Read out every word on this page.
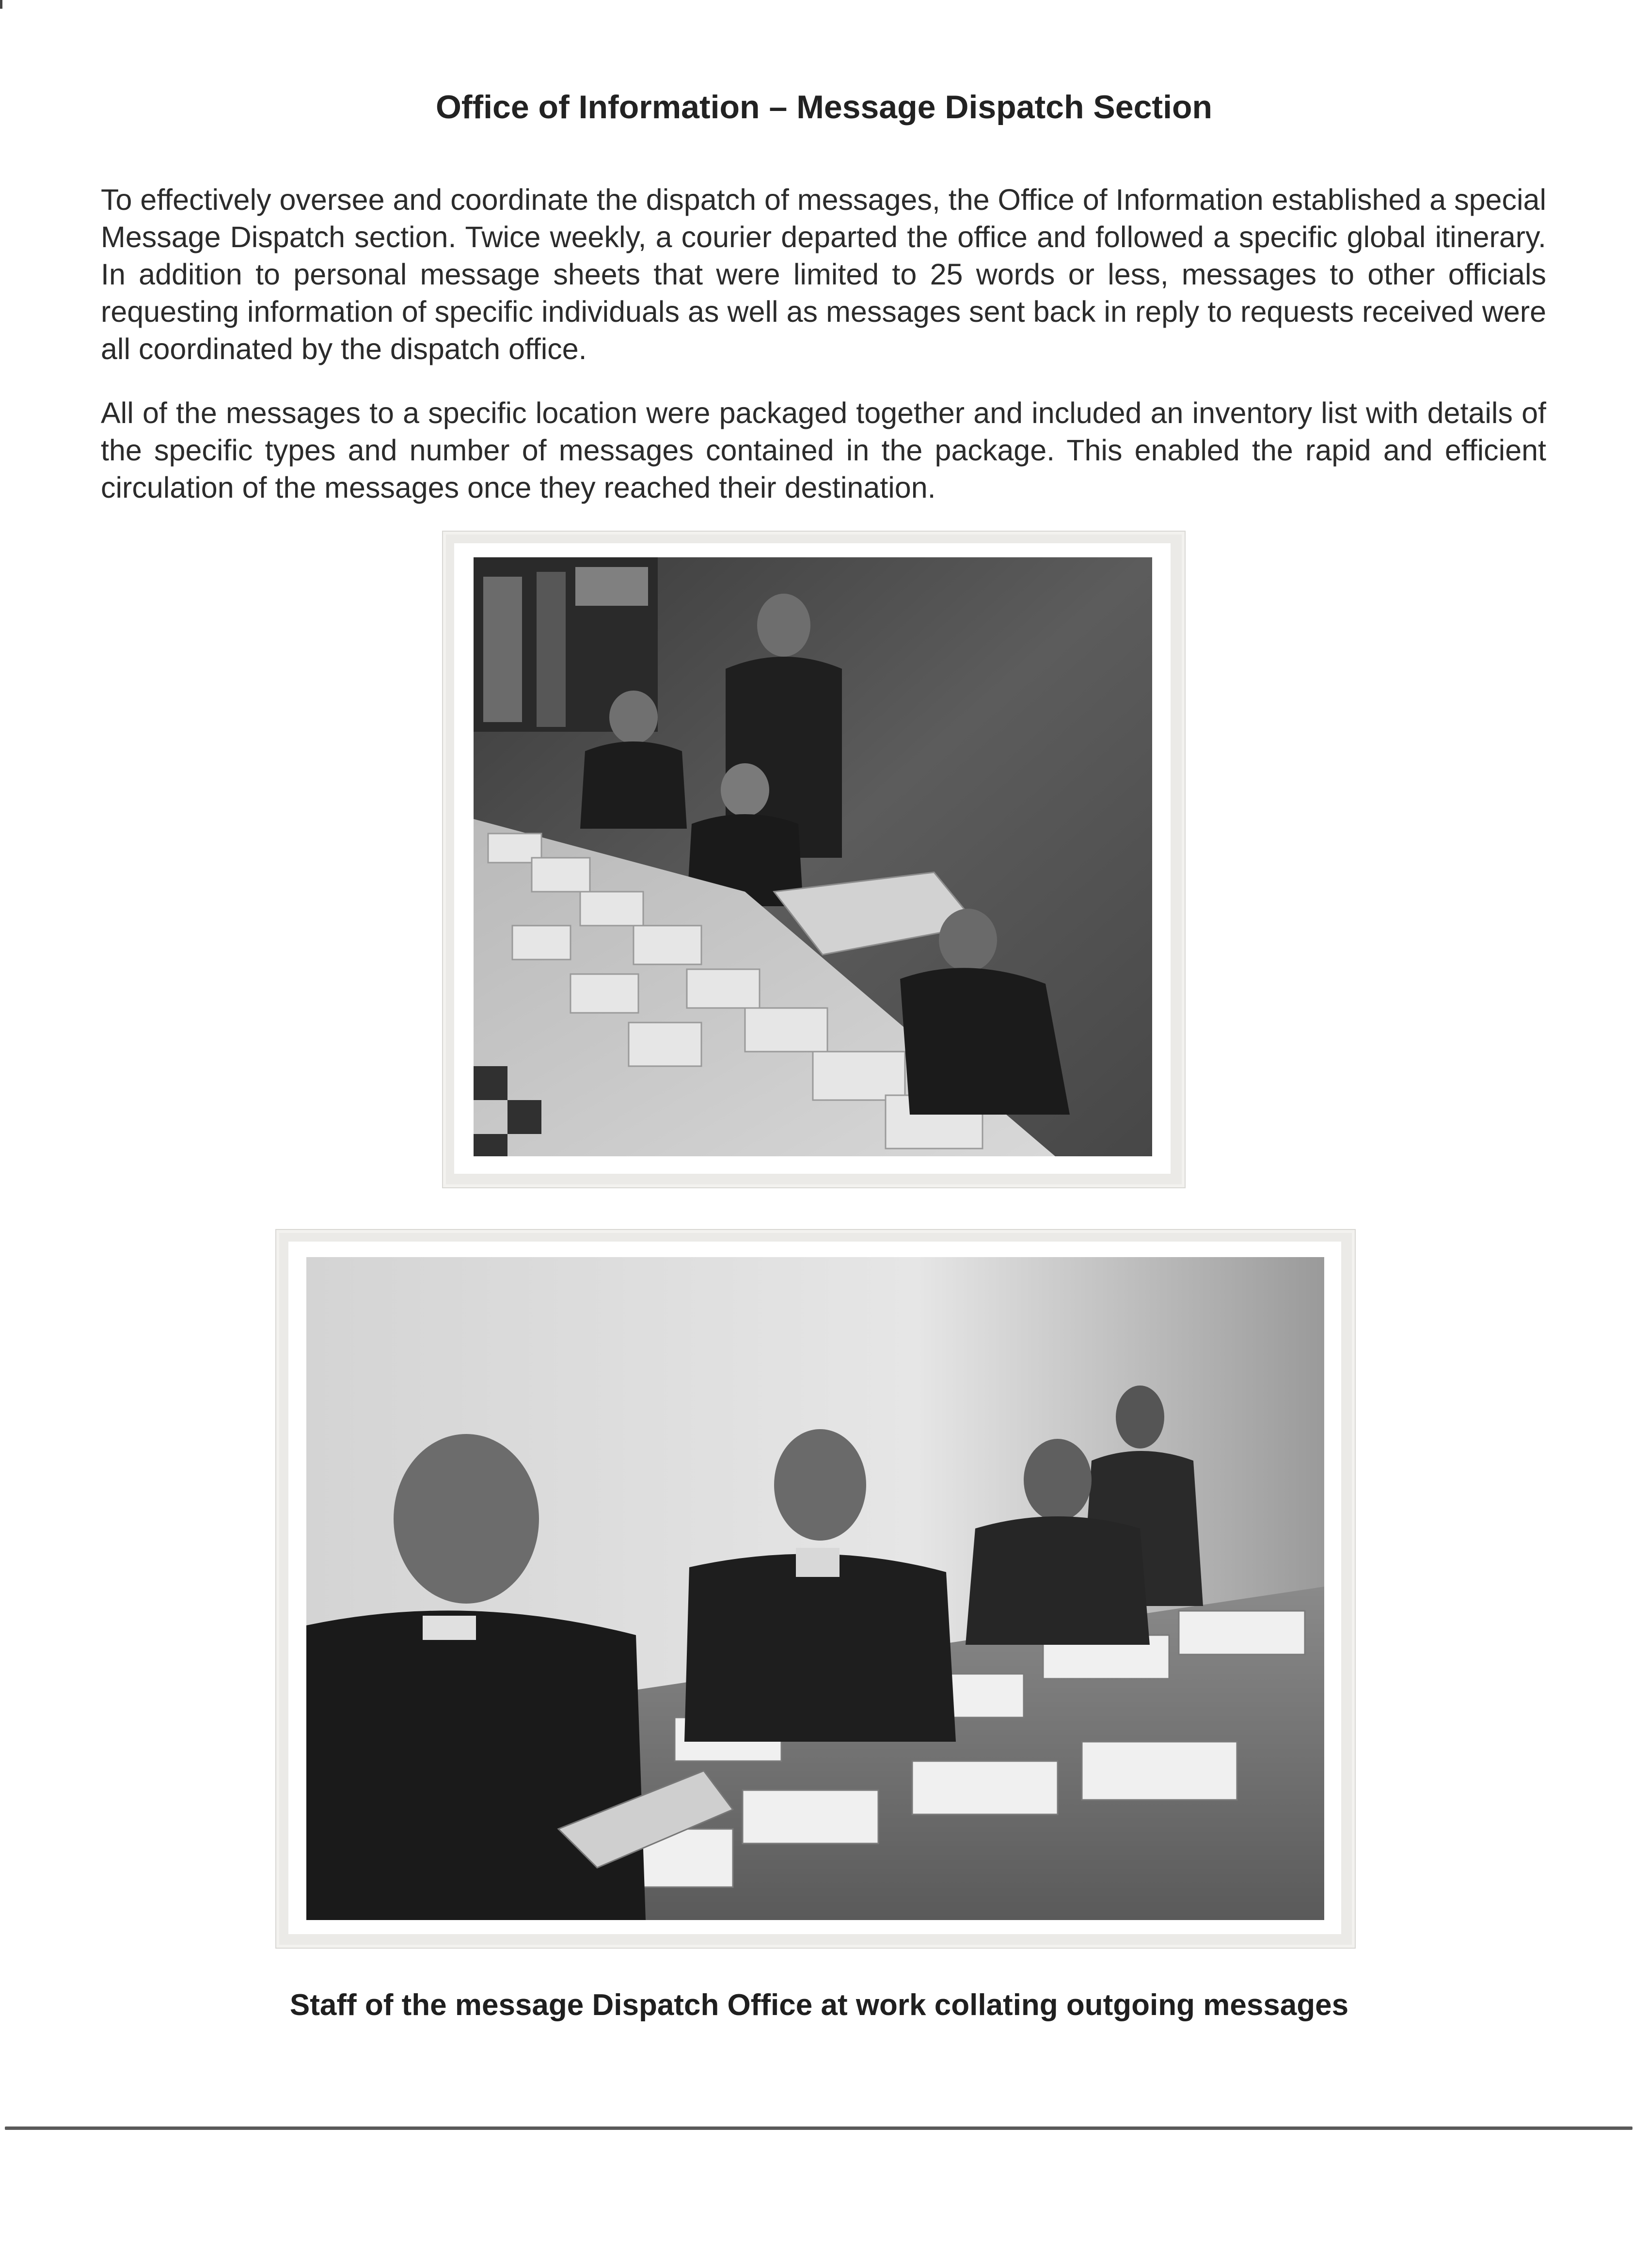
Office of Information – Message Dispatch Section

To effectively oversee and coordinate the dispatch of messages, the Office of Information established a special Message Dispatch section. Twice weekly, a courier departed the office and followed a specific global itinerary. In addition to personal message sheets that were limited to 25 words or less, messages to other officials requesting information of specific individuals as well as messages sent back in reply to requests received were all coordinated by the dispatch office.

All of the messages to a specific location were packaged together and included an inventory list with details of the specific types and number of messages contained in the package. This enabled the rapid and efficient circulation of the messages once they reached their destination.

Staff of the message Dispatch Office at work collating outgoing messages
